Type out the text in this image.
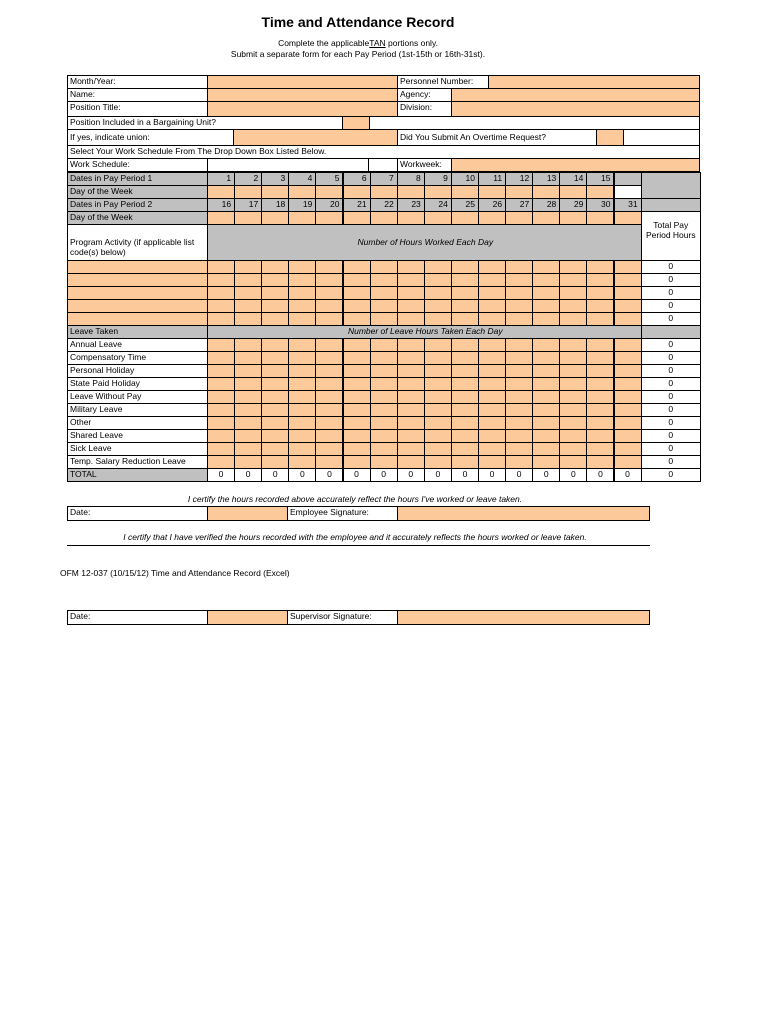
Time and Attendance Record
Complete the applicableTAN portions only.
Submit a separate form for each Pay Period (1st-15th or 16th-31st).
Month/Year:	Personnel Number:
Name:	Agency:
Position Title:	Division:
Position Included in a Bargaining Unit?
If yes, indicate union:	Did You Submit An Overtime Request?
Select Your Work Schedule From The Drop Down Box Listed Below.
Work Schedule:	Workweek:
Dates in Pay Period 1	1	2	3	4	5	6	7	8	9	10	11	12	13	14	15
Day of the Week
Dates in Pay Period 2	16	17	18	19	20	21	22	23	24	25	26	27	28	29	30	31
Day of the Week
Program Activity (if applicable list code(s) below)
Number of Hours Worked Each Day
Total Pay Period Hours
0
0
0
0
0
Leave Taken	Number of Leave Hours Taken Each Day
Annual Leave	0
Compensatory Time	0
Personal Holiday	0
State Paid Holiday	0
Leave Without Pay	0
Military Leave	0
Other	0
Shared Leave	0
Sick Leave	0
Temp. Salary Reduction Leave	0
TOTAL	0	0	0	0	0	0	0	0	0	0	0	0	0	0	0	0	0
I certify the hours recorded above accurately reflect the hours I've worked or leave taken.
Date:	Employee Signature:
I certify that I have verified the hours recorded with the employee and it accurately reflects the hours worked or leave taken.
OFM 12-037 (10/15/12) Time and Attendance Record (Excel)
Date:	Supervisor Signature:
